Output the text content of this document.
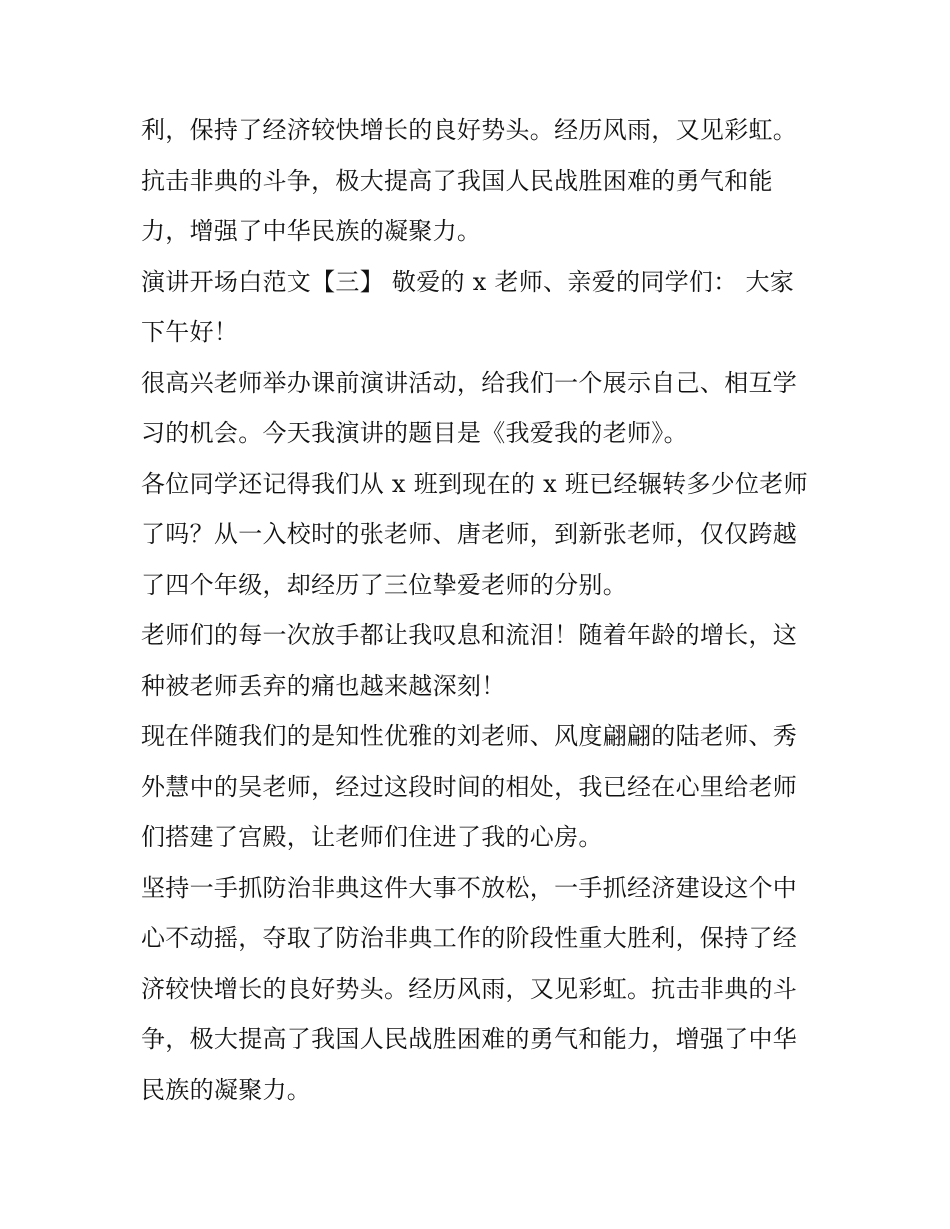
利，保持了经济较快增长的良好势头。经历风雨，又见彩虹。
抗击非典的斗争，极大提高了我国人民战胜困难的勇气和能
力，增强了中华民族的凝聚力。
演讲开场白范文【三】 敬爱的 x 老师、亲爱的同学们： 大家
下午好！
很高兴老师举办课前演讲活动，给我们一个展示自己、相互学
习的机会。今天我演讲的题目是《我爱我的老师》。
各位同学还记得我们从 x 班到现在的 x 班已经辗转多少位老师
了吗？从一入校时的张老师、唐老师，到新张老师，仅仅跨越
了四个年级，却经历了三位挚爱老师的分别。
老师们的每一次放手都让我叹息和流泪！随着年龄的增长，这
种被老师丢弃的痛也越来越深刻！
现在伴随我们的是知性优雅的刘老师、风度翩翩的陆老师、秀
外慧中的吴老师，经过这段时间的相处，我已经在心里给老师
们搭建了宫殿，让老师们住进了我的心房。
坚持一手抓防治非典这件大事不放松，一手抓经济建设这个中
心不动摇，夺取了防治非典工作的阶段性重大胜利，保持了经
济较快增长的良好势头。经历风雨，又见彩虹。抗击非典的斗
争，极大提高了我国人民战胜困难的勇气和能力，增强了中华
民族的凝聚力。
